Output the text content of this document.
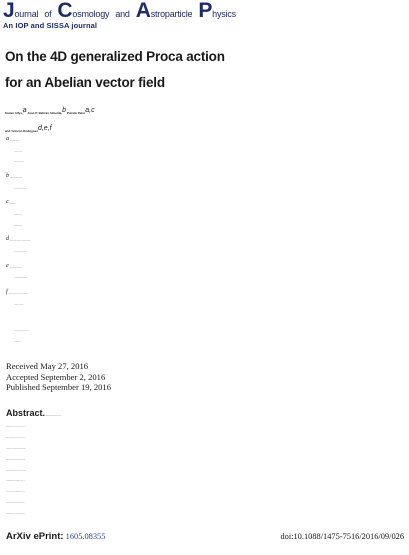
Journal of Cosmology and Astroparticle Physics
An IOP and SISSA journal
On the 4D generalized Proca action
for an Abelian vector field
Erwan Allys,$^a$ Juan P. Beltrán Almeida,$^b$ Patrick Peter$^{a,c}$
and Yeinzon Rodríguez$^{d,e,f}$
$^a$
$^b$
$^c$
$^d$
$^e$
$^f$
Received May 27, 2016
Accepted September 2, 2016
Published September 19, 2016
Abstract.
ArXiv ePrint: 1605.08355	doi:10.1088/1475-7516/2016/09/026
